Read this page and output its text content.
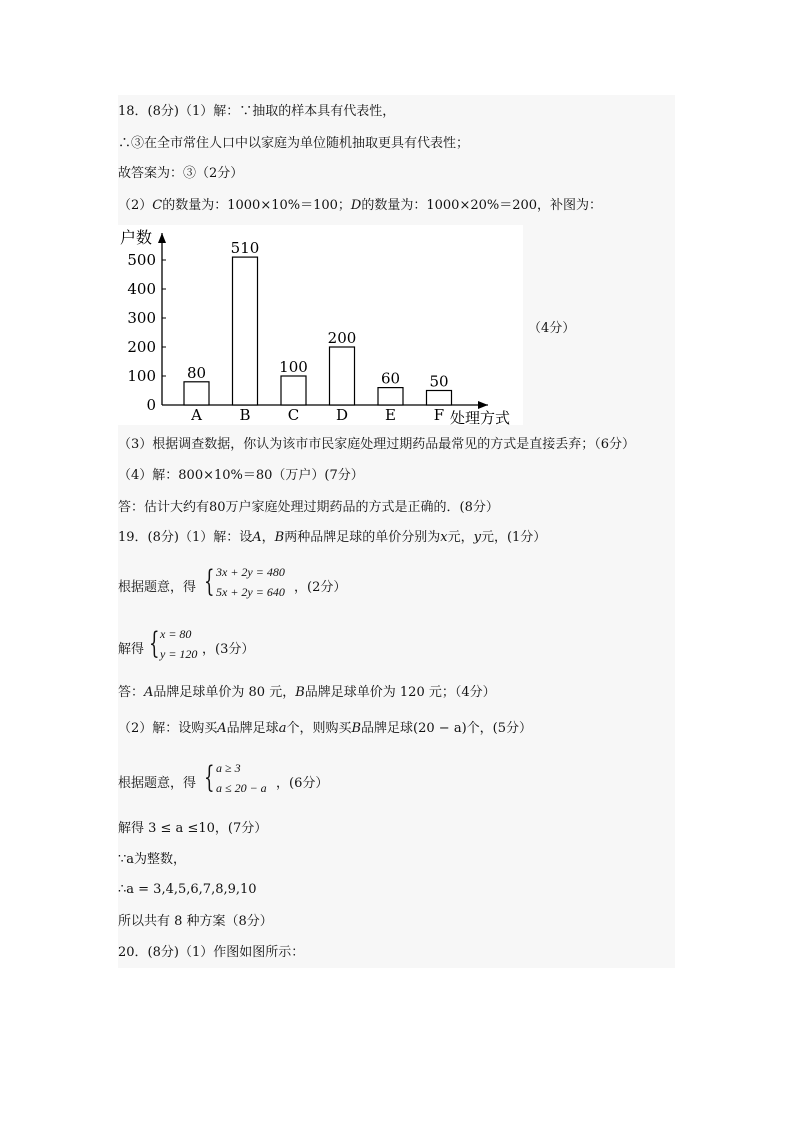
18．(8分)（1）解：∵抽取的样本具有代表性，
∴③在全市常住人口中以家庭为单位随机抽取更具有代表性；
故答案为：③（2分）
（2）C的数量为：1000×10%＝100；D的数量为：1000×20%＝200，补图为：
0
100
200
300
400
500
户数
处理方式
80
A
510
B
100
C
200
D
60
E
50
F
（4分）
（3）根据调查数据，你认为该市市民家庭处理过期药品最常见的方式是直接丢弃；（6分）
（4）解：800×10%＝80（万户）(7分）
答：估计大约有80万户家庭处理过期药品的方式是正确的．(8分）
19．(8分)（1）解：设A，B两种品牌足球的单价分别为x元，y元，(1分）
根据题意，得 { 3x + 2y = 480
5x + 2y = 640 ，(2分）
解得 { x = 80
y = 120 ，(3分）
答：A品牌足球单价为 80 元，B品牌足球单价为 120 元；（4分）
（2）解：设购买A品牌足球a个，则购买B品牌足球(20 − a)个，(5分）
根据题意，得 { a ≥ 3
a ≤ 20 − a ，(6分）
解得 3 ≤ a ≤10，(7分）
∵a为整数，
∴a = 3,4,5,6,7,8,9,10
所以共有 8 种方案（8分）
20．(8分)（1）作图如图所示：
